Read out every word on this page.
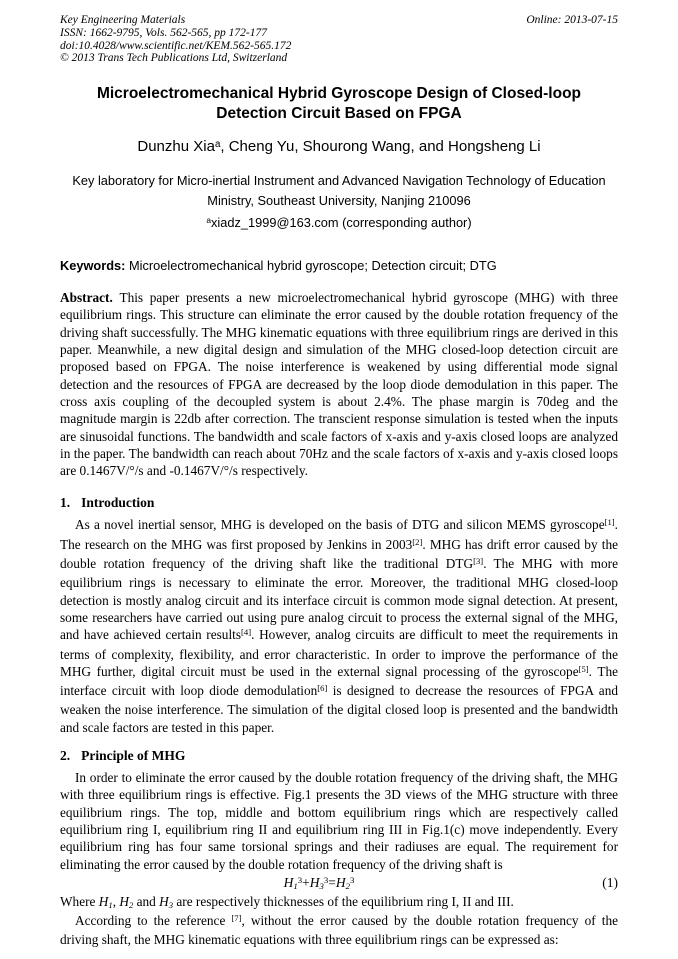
Key Engineering Materials
ISSN: 1662-9795, Vols. 562-565, pp 172-177
doi:10.4028/www.scientific.net/KEM.562-565.172
© 2013 Trans Tech Publications Ltd, Switzerland
Online: 2013-07-15
Microelectromechanical Hybrid Gyroscope Design of Closed-loop Detection Circuit Based on FPGA
Dunzhu Xia$^a$, Cheng Yu, Shourong Wang, and Hongsheng Li
Key laboratory for Micro-inertial Instrument and Advanced Navigation Technology of Education Ministry, Southeast University, Nanjing 210096
$^a$xiadz_1999@163.com (corresponding author)
Keywords: Microelectromechanical hybrid gyroscope; Detection circuit; DTG

Abstract. This paper presents a new microelectromechanical hybrid gyroscope (MHG) with three equilibrium rings. This structure can eliminate the error caused by the double rotation frequency of the driving shaft successfully. The MHG kinematic equations with three equilibrium rings are derived in this paper. Meanwhile, a new digital design and simulation of the MHG closed-loop detection circuit are proposed based on FPGA. The noise interference is weakened by using differential mode signal detection and the resources of FPGA are decreased by the loop diode demodulation in this paper. The cross axis coupling of the decoupled system is about 2.4%. The phase margin is 70deg and the magnitude margin is 22db after correction. The transcient response simulation is tested when the inputs are sinusoidal functions. The bandwidth and scale factors of x-axis and y-axis closed loops are analyzed in the paper. The bandwidth can reach about 70Hz and the scale factors of x-axis and y-axis closed loops are 0.1467V/°/s and -0.1467V/°/s respectively.

1. Introduction

As a novel inertial sensor, MHG is developed on the basis of DTG and silicon MEMS gyroscope[1]. The research on the MHG was first proposed by Jenkins in 2003[2]. MHG has drift error caused by the double rotation frequency of the driving shaft like the traditional DTG[3]. The MHG with more equilibrium rings is necessary to eliminate the error. Moreover, the traditional MHG closed-loop detection is mostly analog circuit and its interface circuit is common mode signal detection. At present, some researchers have carried out using pure analog circuit to process the external signal of the MHG, and have achieved certain results[4]. However, analog circuits are difficult to meet the requirements in terms of complexity, flexibility, and error characteristic. In order to improve the performance of the MHG further, digital circuit must be used in the external signal processing of the gyroscope[5]. The interface circuit with loop diode demodulation[6] is designed to decrease the resources of FPGA and weaken the noise interference. The simulation of the digital closed loop is presented and the bandwidth and scale factors are tested in this paper.

2. Principle of MHG

In order to eliminate the error caused by the double rotation frequency of the driving shaft, the MHG with three equilibrium rings is effective. Fig.1 presents the 3D views of the MHG structure with three equilibrium rings. The top, middle and bottom equilibrium rings which are respectively called equilibrium ring I, equilibrium ring II and equilibrium ring III in Fig.1(c) move independently. Every equilibrium ring has four same torsional springs and their radiuses are equal. The requirement for eliminating the error caused by the double rotation frequency of the driving shaft is

$H1^3+H3^3=H2^3$	(1)

Where H1, H2 and H3 are respectively thicknesses of the equilibrium ring I, II and III.

According to the reference [7], without the error caused by the double rotation frequency of the driving shaft, the MHG kinematic equations with three equilibrium rings can be expressed as:
